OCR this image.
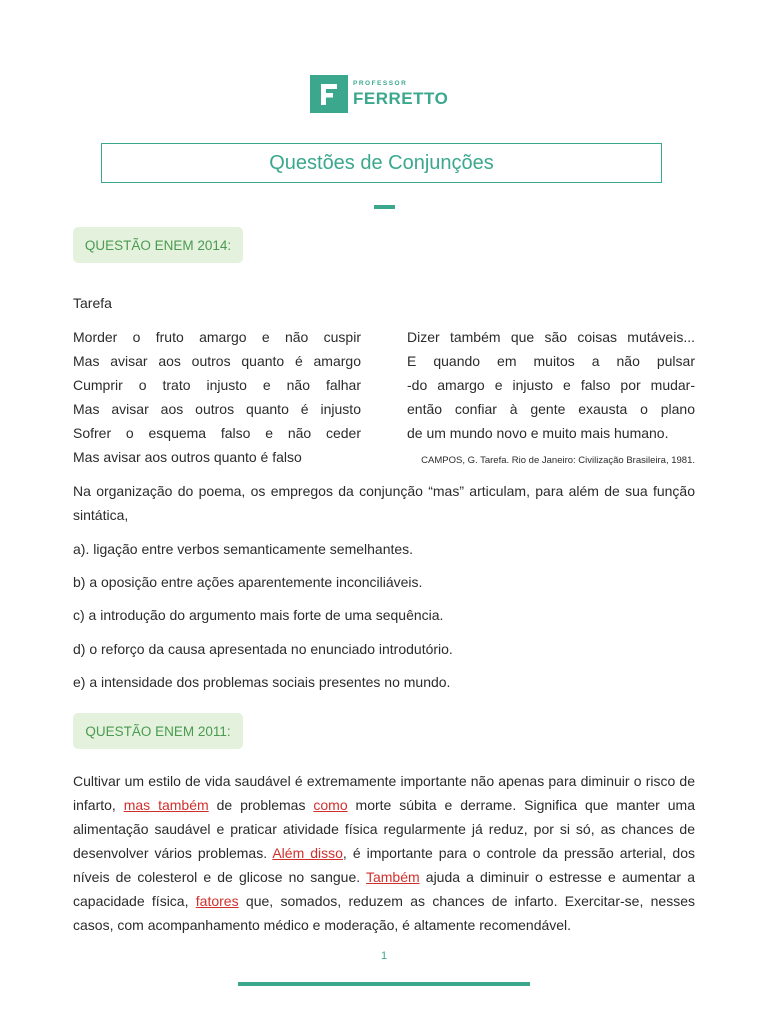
PROFESSOR
FERRETTO
Questões de Conjunções
QUESTÃO ENEM 2014:
Tarefa
Morder o fruto amargo e não cuspir
Mas avisar aos outros quanto é amargo
Cumprir o trato injusto e não falhar
Mas avisar aos outros quanto é injusto
Sofrer o esquema falso e não ceder
Mas avisar aos outros quanto é falso
Dizer também que são coisas mutáveis...
E quando em muitos a não pulsar
-do amargo e injusto e falso por mudar-
então confiar à gente exausta o plano
de um mundo novo e muito mais humano.
CAMPOS, G. Tarefa. Rio de Janeiro: Civilização Brasileira, 1981.
Na organização do poema, os empregos da conjunção “mas” articulam, para além de sua função sintática,
a). ligação entre verbos semanticamente semelhantes.
b) a oposição entre ações aparentemente inconciliáveis.
c) a introdução do argumento mais forte de uma sequência.
d) o reforço da causa apresentada no enunciado introdutório.
e) a intensidade dos problemas sociais presentes no mundo.
QUESTÃO ENEM 2011:
Cultivar um estilo de vida saudável é extremamente importante não apenas para diminuir o risco de infarto, mas também de problemas como morte súbita e derrame. Significa que manter uma alimentação saudável e praticar atividade física regularmente já reduz, por si só, as chances de desenvolver vários problemas. Além disso, é importante para o controle da pressão arterial, dos níveis de colesterol e de glicose no sangue. Também ajuda a diminuir o estresse e aumentar a capacidade física, fatores que, somados, reduzem as chances de infarto. Exercitar-se, nesses casos, com acompanhamento médico e moderação, é altamente recomendável.
1
